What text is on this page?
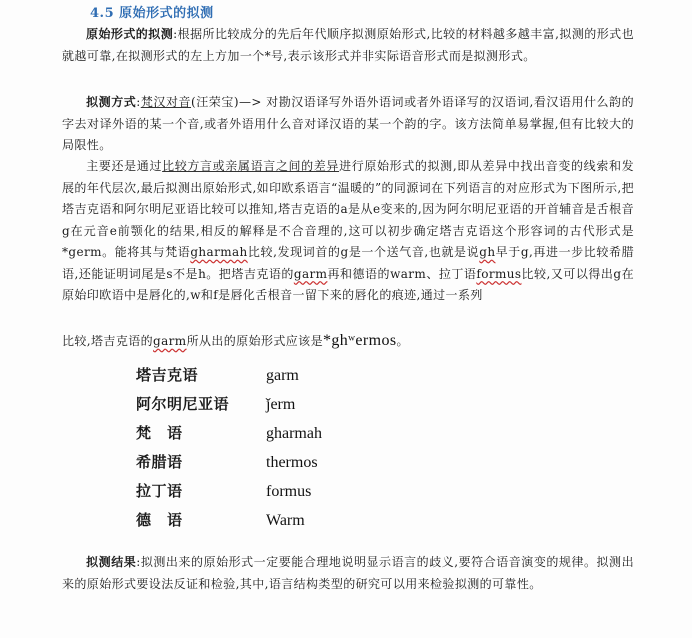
4.5 原始形式的拟测
原始形式的拟测:根据所比较成分的先后年代顺序拟测原始形式,比较的材料越多越丰富,拟测的形式也就越可靠,在拟测形式的左上方加一个*号,表示该形式并非实际语音形式而是拟测形式。
拟测方式:梵汉对音(汪荣宝)—> 对勘汉语译写外语外语词或者外语译写的汉语词,看汉语用什么韵的字去对译外语的某一个音,或者外语用什么音对译汉语的某一个韵的字。该方法简单易掌握,但有比较大的局限性。
主要还是通过比较方言或亲属语言之间的差异进行原始形式的拟测,即从差异中找出音变的线索和发展的年代层次,最后拟测出原始形式,如印欧系语言“温暖的”的同源词在下列语言的对应形式为下图所示,把塔吉克语和阿尔明尼亚语比较可以推知,塔吉克语的a是从e变来的,因为阿尔明尼亚语的开首辅音是舌根音g在元音e前颚化的结果,相反的解释是不合音理的,这可以初步确定塔吉克语这个形容词的古代形式是*germ。能将其与梵语gharmah比较,发现词首的g是一个送气音,也就是说gh早于g,再进一步比较希腊语,还能证明词尾是s不是h。把塔吉克语的garm再和德语的warm、拉丁语formus比较,又可以得出g在原始印欧语中是唇化的,w和f是唇化舌根音一留下来的唇化的痕迹,通过一系列
比较,塔吉克语的garm所从出的原始形式应该是*ghʷermos。
塔吉克语	garm
阿尔明尼亚语	ǰerm
梵　语	gharmah
希腊语	thermos
拉丁语	formus
德　语	Warm
拟测结果:拟测出来的原始形式一定要能合理地说明显示语言的歧义,要符合语音演变的规律。拟测出来的原始形式要设法反证和检验,其中,语言结构类型的研究可以用来检验拟测的可靠性。
